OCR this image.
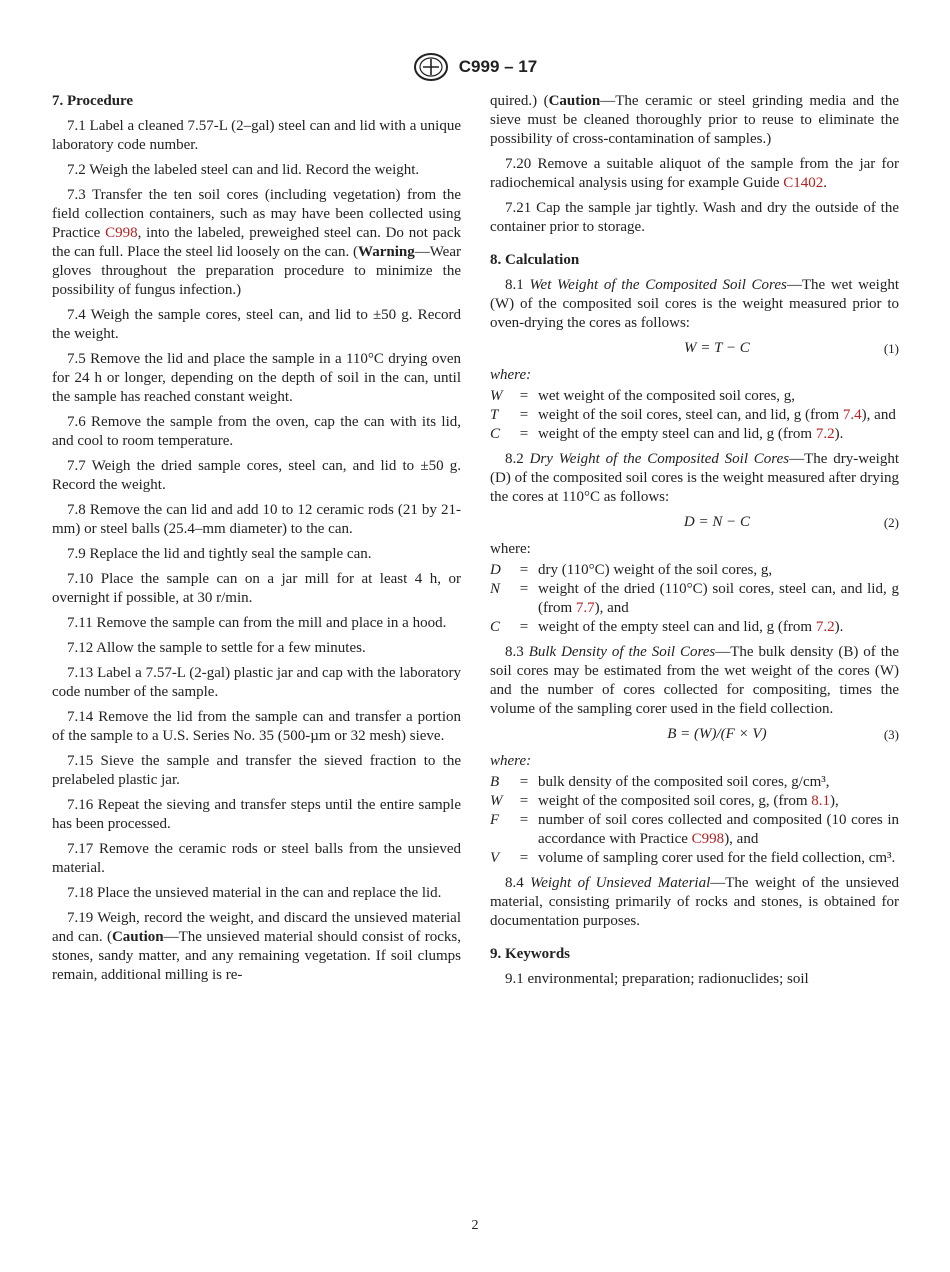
C999 – 17
7. Procedure

7.1 Label a cleaned 7.57-L (2–gal) steel can and lid with a unique laboratory code number.

7.2 Weigh the labeled steel can and lid. Record the weight.

7.3 Transfer the ten soil cores (including vegetation) from the field collection containers, such as may have been collected using Practice C998, into the labeled, preweighed steel can. Do not pack the can full. Place the steel lid loosely on the can. (Warning—Wear gloves throughout the preparation procedure to minimize the possibility of fungus infection.)

7.4 Weigh the sample cores, steel can, and lid to ±50 g. Record the weight.

7.5 Remove the lid and place the sample in a 110°C drying oven for 24 h or longer, depending on the depth of soil in the can, until the sample has reached constant weight.

7.6 Remove the sample from the oven, cap the can with its lid, and cool to room temperature.

7.7 Weigh the dried sample cores, steel can, and lid to ±50 g. Record the weight.

7.8 Remove the can lid and add 10 to 12 ceramic rods (21 by 21-mm) or steel balls (25.4–mm diameter) to the can.

7.9 Replace the lid and tightly seal the sample can.

7.10 Place the sample can on a jar mill for at least 4 h, or overnight if possible, at 30 r/min.

7.11 Remove the sample can from the mill and place in a hood.

7.12 Allow the sample to settle for a few minutes.

7.13 Label a 7.57-L (2-gal) plastic jar and cap with the laboratory code number of the sample.

7.14 Remove the lid from the sample can and transfer a portion of the sample to a U.S. Series No. 35 (500-µm or 32 mesh) sieve.

7.15 Sieve the sample and transfer the sieved fraction to the prelabeled plastic jar.

7.16 Repeat the sieving and transfer steps until the entire sample has been processed.

7.17 Remove the ceramic rods or steel balls from the unsieved material.

7.18 Place the unsieved material in the can and replace the lid.

7.19 Weigh, record the weight, and discard the unsieved material and can. (Caution—The unsieved material should consist of rocks, stones, sandy matter, and any remaining vegetation. If soil clumps remain, additional milling is re-

quired.) (Caution—The ceramic or steel grinding media and the sieve must be cleaned thoroughly prior to reuse to eliminate the possibility of cross-contamination of samples.)

7.20 Remove a suitable aliquot of the sample from the jar for radiochemical analysis using for example Guide C1402.

7.21 Cap the sample jar tightly. Wash and dry the outside of the container prior to storage.

8. Calculation

8.1 Wet Weight of the Composited Soil Cores—The wet weight (W) of the composited soil cores is the weight measured prior to oven-drying the cores as follows:

W = T − C	(1)
where:
W	= wet weight of the composited soil cores, g,
T	= weight of the soil cores, steel can, and lid, g (from 7.4), and
C	= weight of the empty steel can and lid, g (from 7.2).

8.2 Dry Weight of the Composited Soil Cores—The dry-weight (D) of the composited soil cores is the weight measured after drying the cores at 110°C as follows:

D = N − C	(2)
where:
D	= dry (110°C) weight of the soil cores, g,
N	= weight of the dried (110°C) soil cores, steel can, and lid, g (from 7.7), and
C	= weight of the empty steel can and lid, g (from 7.2).

8.3 Bulk Density of the Soil Cores—The bulk density (B) of the soil cores may be estimated from the wet weight of the cores (W) and the number of cores collected for compositing, times the volume of the sampling corer used in the field collection.

B = (W)/(F × V)	(3)
where:
B	= bulk density of the composited soil cores, g/cm³,
W	= weight of the composited soil cores, g, (from 8.1),
F	= number of soil cores collected and composited (10 cores in accordance with Practice C998), and
V	= volume of sampling corer used for the field collection, cm³.

8.4 Weight of Unsieved Material—The weight of the unsieved material, consisting primarily of rocks and stones, is obtained for documentation purposes.

9. Keywords

9.1 environmental; preparation; radionuclides; soil

2
